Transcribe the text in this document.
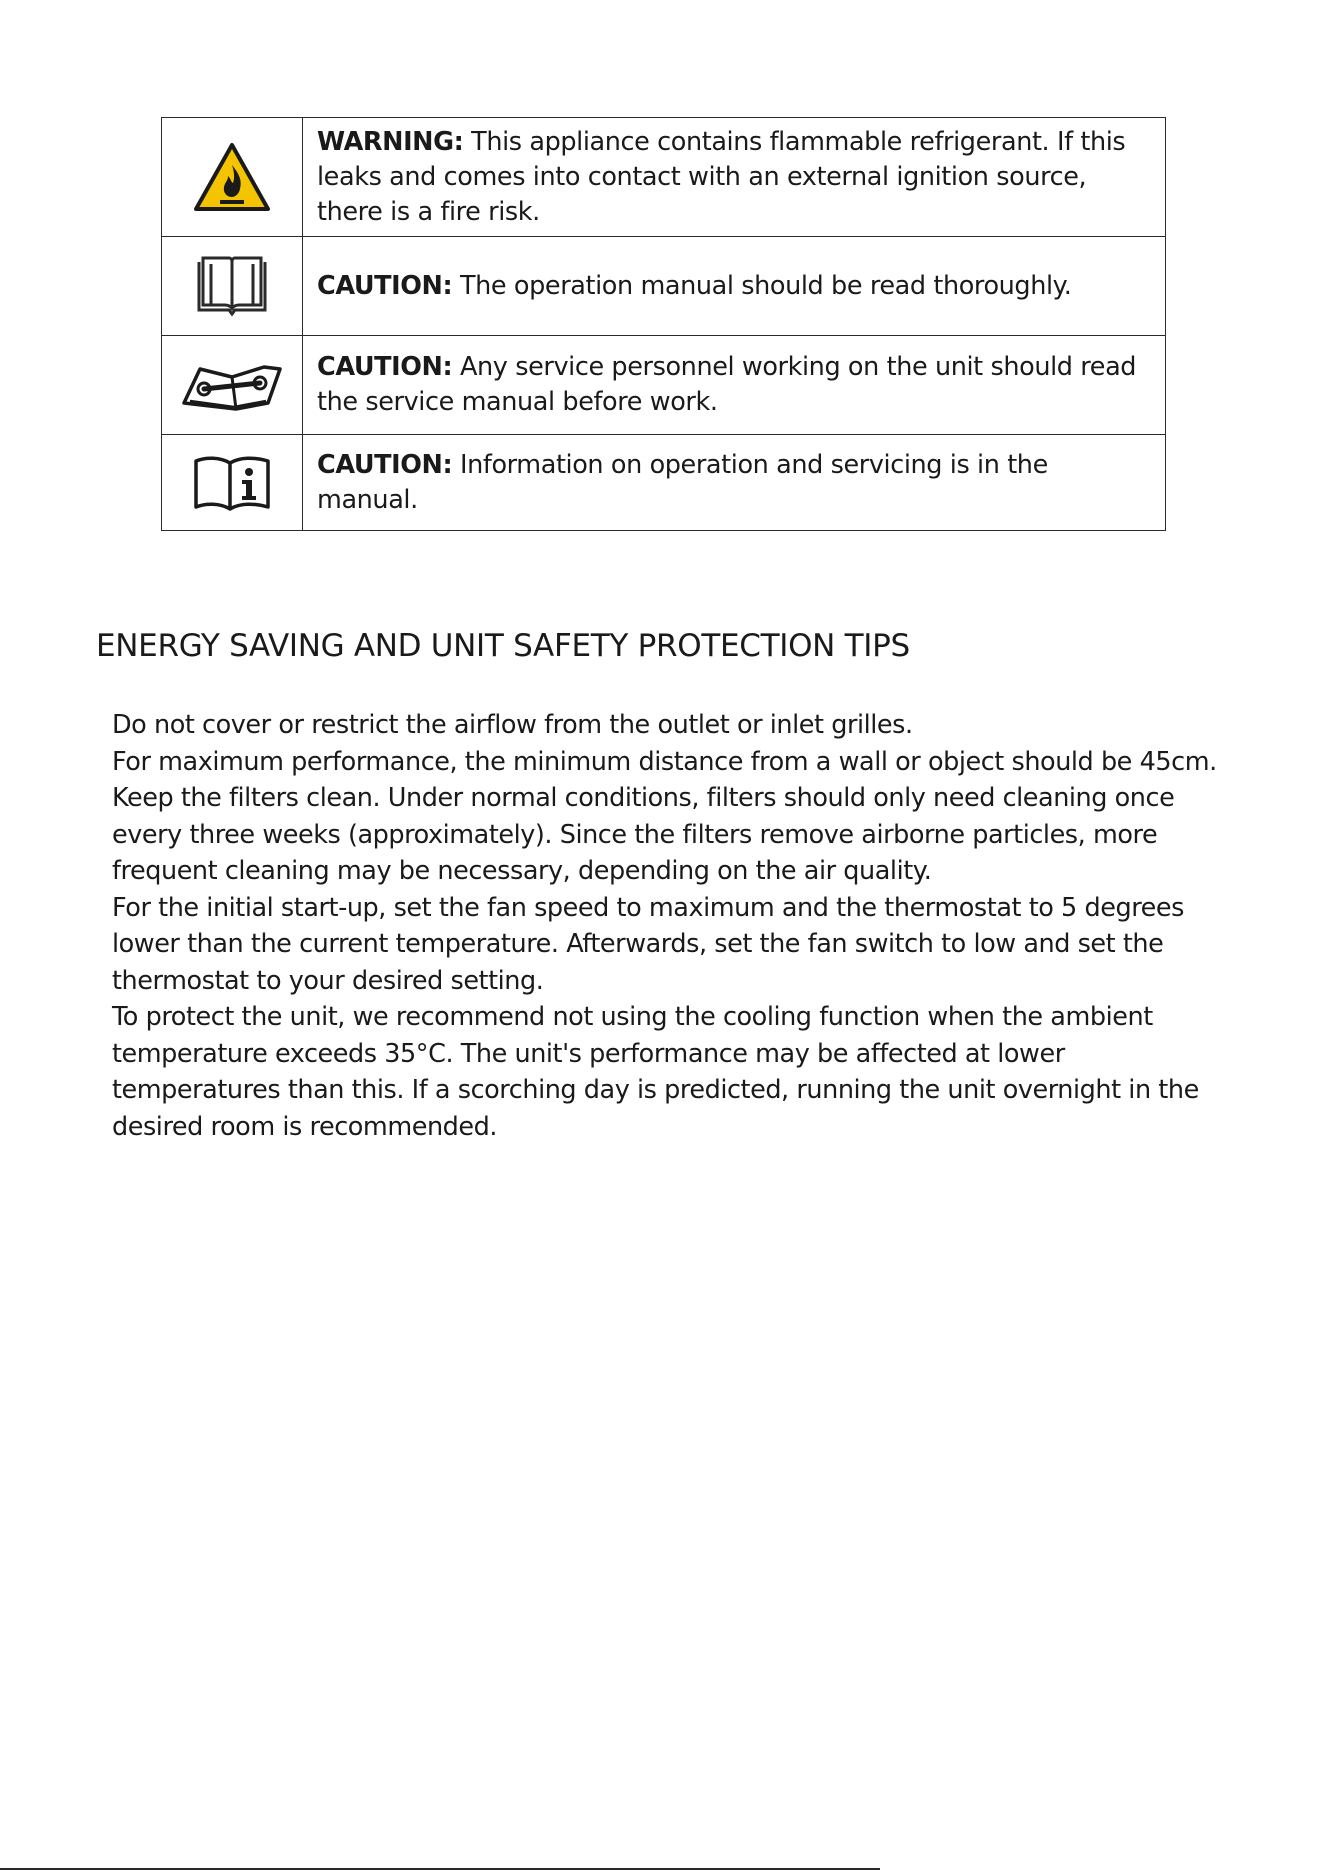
	WARNING: This appliance contains flammable refrigerant. If this leaks and comes into contact with an external ignition source, there is a fire risk.
	CAUTION: The operation manual should be read thoroughly.
	CAUTION: Any service personnel working on the unit should read the service manual before work.
	CAUTION: Information on operation and servicing is in the manual.
ENERGY SAVING AND UNIT SAFETY PROTECTION TIPS

Do not cover or restrict the airflow from the outlet or inlet grilles.

For maximum performance, the minimum distance from a wall or object should be 45cm.

Keep the filters clean. Under normal conditions, filters should only need cleaning once every three weeks (approximately). Since the filters remove airborne particles, more frequent cleaning may be necessary, depending on the air quality.

For the initial start-up, set the fan speed to maximum and the thermostat to 5 degrees lower than the current temperature. Afterwards, set the fan switch to low and set the thermostat to your desired setting.

To protect the unit, we recommend not using the cooling function when the ambient temperature exceeds 35°C. The unit's performance may be affected at lower temperatures than this. If a scorching day is predicted, running the unit overnight in the desired room is recommended.
